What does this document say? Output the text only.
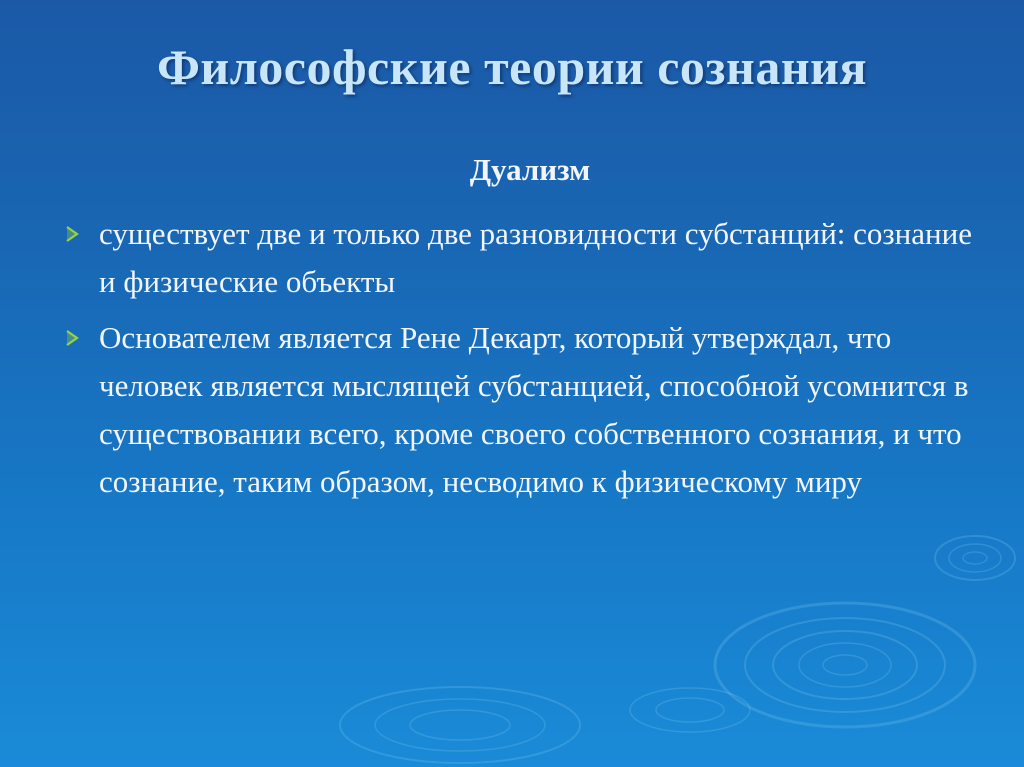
Философские теории сознания
Дуализм
существует две и только две разновидности субстанций: сознание и физические объекты
Основателем является Рене Декарт, который утверждал, что человек является мыслящей субстанцией, способной усомнится в существовании всего, кроме своего собственного сознания, и что сознание, таким образом, несводимо к физическому миру
